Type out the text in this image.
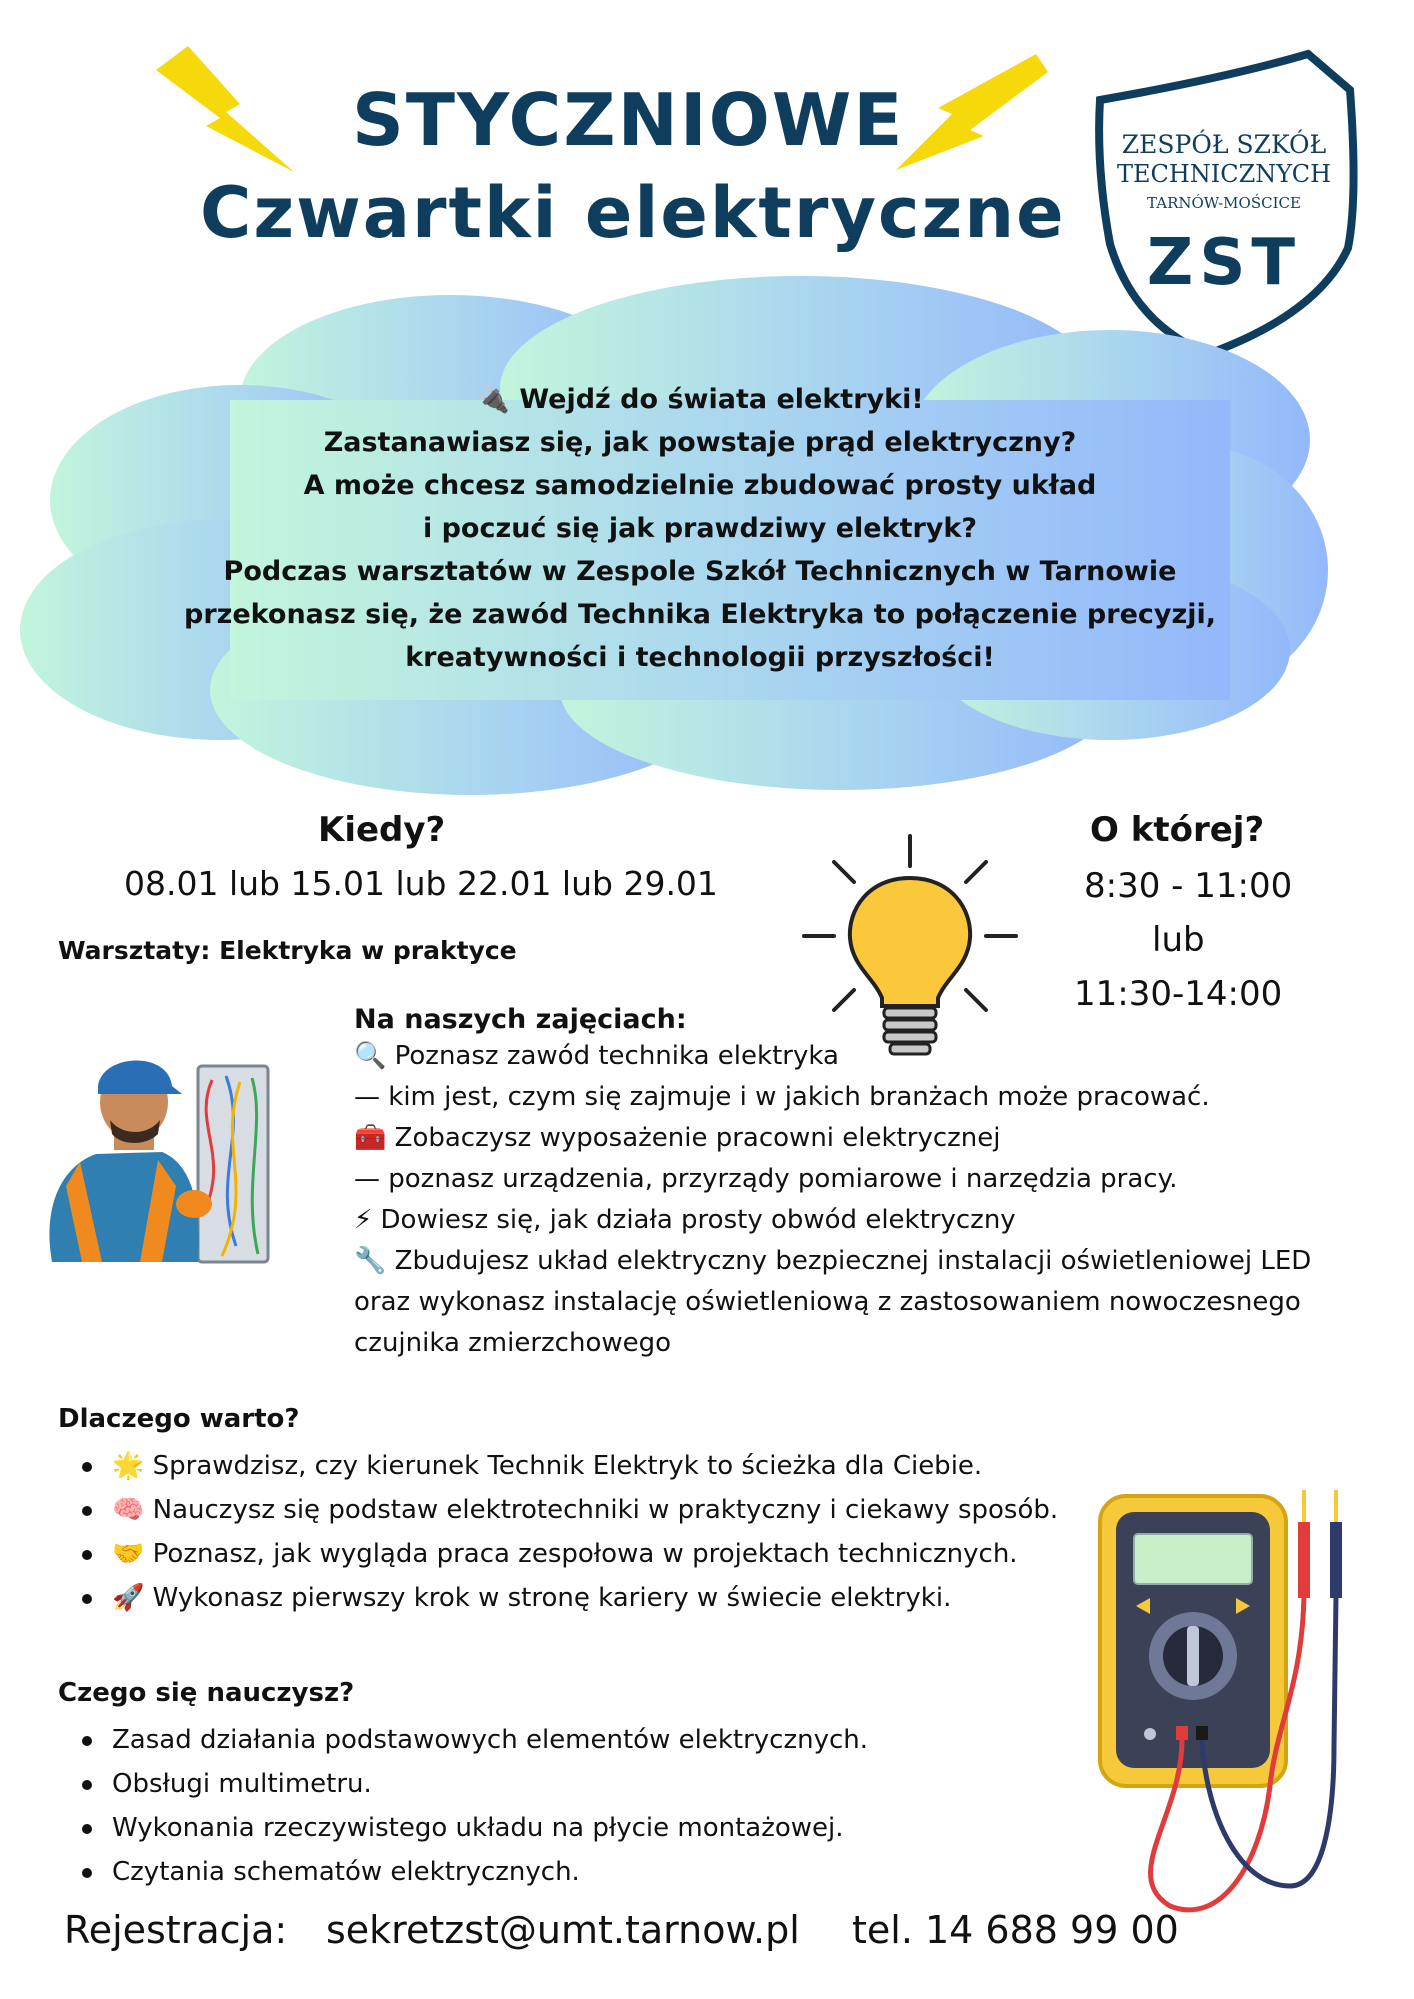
STYCZNIOWE
Czwartki elektryczne
ZESPÓŁ SZKÓŁ
TECHNICZNYCH
TARNÓW-MOŚCICE
ZST
🔌 Wejdź do świata elektryki!
Zastanawiasz się, jak powstaje prąd elektryczny?
A może chcesz samodzielnie zbudować prosty układ
i poczuć się jak prawdziwy elektryk?
Podczas warsztatów w Zespole Szkół Technicznych w Tarnowie
przekonasz się, że zawód Technika Elektryka to połączenie precyzji,
kreatywności i technologii przyszłości!
Kiedy?
08.01 lub 15.01 lub 22.01 lub 29.01
Warsztaty: Elektryka w praktyce
O której?
8:30 - 11:00
lub
11:30-14:00
Na naszych zajęciach:
🔍 Poznasz zawód technika elektryka
— kim jest, czym się zajmuje i w jakich branżach może pracować.
🧰 Zobaczysz wyposażenie pracowni elektrycznej
— poznasz urządzenia, przyrządy pomiarowe i narzędzia pracy.
⚡ Dowiesz się, jak działa prosty obwód elektryczny
🔧 Zbudujesz układ elektryczny bezpiecznej instalacji oświetleniowej LED
oraz wykonasz instalację oświetleniową z zastosowaniem nowoczesnego
czujnika zmierzchowego
Dlaczego warto?
🌟 Sprawdzisz, czy kierunek Technik Elektryk to ścieżka dla Ciebie.
🧠 Nauczysz się podstaw elektrotechniki w praktyczny i ciekawy sposób.
🤝 Poznasz, jak wygląda praca zespołowa w projektach technicznych.
🚀 Wykonasz pierwszy krok w stronę kariery w świecie elektryki.
Czego się nauczysz?
Zasad działania podstawowych elementów elektrycznych.
Obsługi multimetru.
Wykonania rzeczywistego układu na płycie montażowej.
Czytania schematów elektrycznych.
Rejestracja: sekretzst@umt.tarnow.pl tel. 14 688 99 00
